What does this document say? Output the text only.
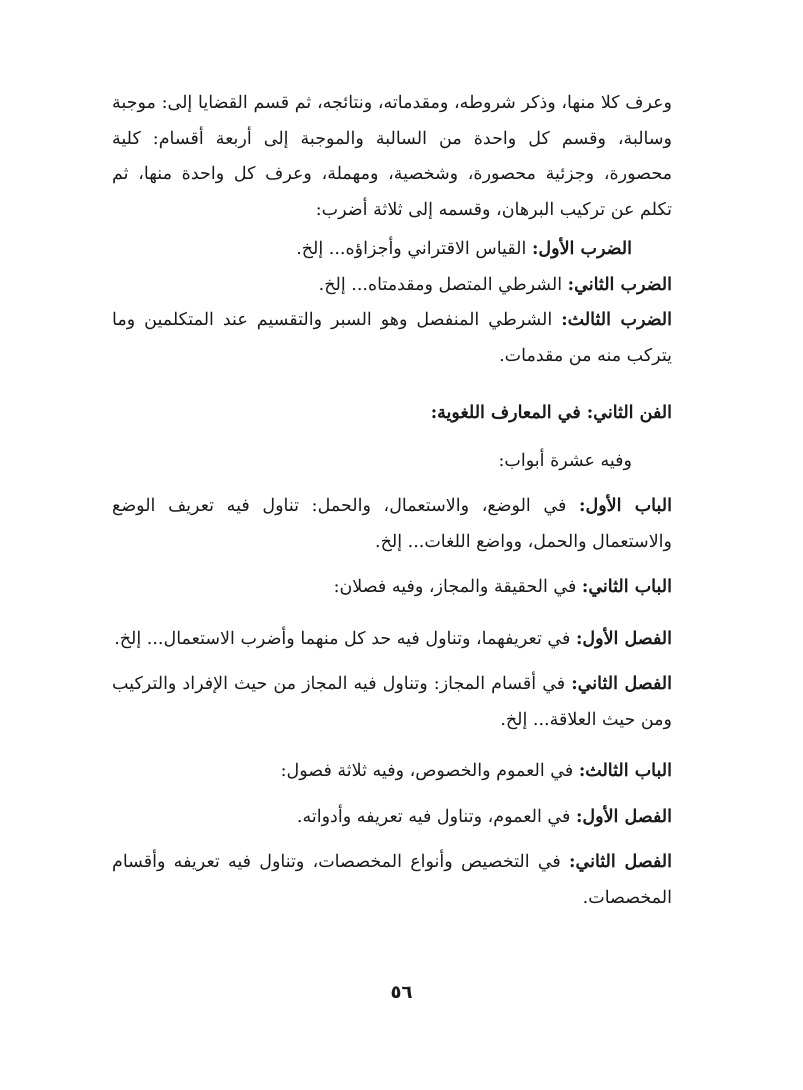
وعرف كلا منها، وذكر شروطه، ومقدماته، ونتائجه، ثم قسم القضايا إلى: موجبة وسالبة، وقسم كل واحدة من السالبة والموجبة إلى أربعة أقسام: كلية محصورة، وجزئية محصورة، وشخصية، ومهملة، وعرف كل واحدة منها، ثم تكلم عن تركيب البرهان، وقسمه إلى ثلاثة أضرب:

الضرب الأول: القياس الاقتراني وأجزاؤه... إلخ.

الضرب الثاني: الشرطي المتصل ومقدمتاه... إلخ.

الضرب الثالث: الشرطي المنفصل وهو السبر والتقسيم عند المتكلمين وما يتركب منه من مقدمات.

الفن الثاني: في المعارف اللغوية:

وفيه عشرة أبواب:

الباب الأول: في الوضع، والاستعمال، والحمل: تناول فيه تعريف الوضع والاستعمال والحمل، وواضع اللغات... إلخ.

الباب الثاني: في الحقيقة والمجاز، وفيه فصلان:

الفصل الأول: في تعريفهما، وتناول فيه حد كل منهما وأضرب الاستعمال... إلخ.

الفصل الثاني: في أقسام المجاز: وتناول فيه المجاز من حيث الإفراد والتركيب ومن حيث العلاقة... إلخ.

الباب الثالث: في العموم والخصوص، وفيه ثلاثة فصول:

الفصل الأول: في العموم، وتناول فيه تعريفه وأدواته.

الفصل الثاني: في التخصيص وأنواع المخصصات، وتناول فيه تعريفه وأقسام المخصصات.

٥٦
